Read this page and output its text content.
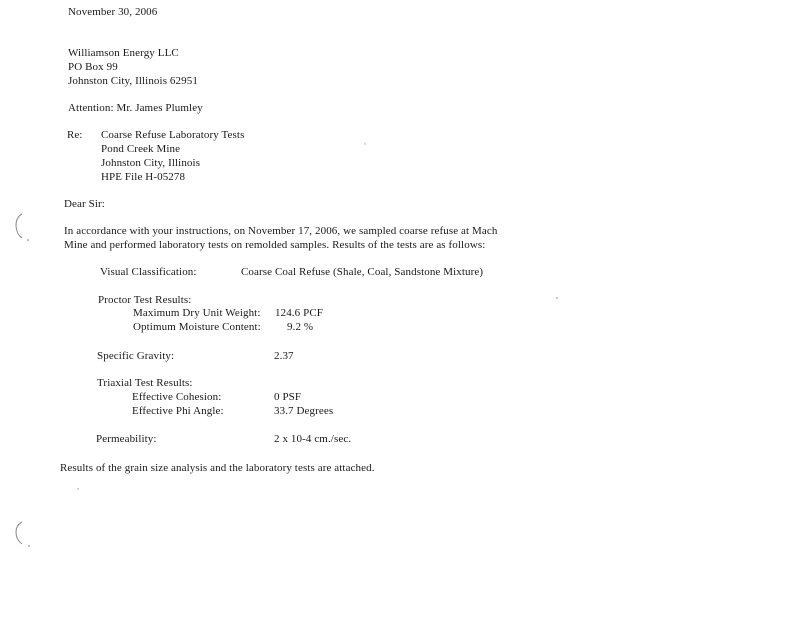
November 30, 2006
Williamson Energy LLC
PO Box 99
Johnston City, Illinois 62951
Attention: Mr. James Plumley
Re: Coarse Refuse Laboratory Tests
Pond Creek Mine
Johnston City, Illinois
HPE File H-05278
Dear Sir:
In accordance with your instructions, on November 17, 2006, we sampled coarse refuse at Mach
Mine and performed laboratory tests on remolded samples. Results of the tests are as follows:
Visual Classification:	Coarse Coal Refuse (Shale, Coal, Sandstone Mixture)
Proctor Test Results:
Maximum Dry Unit Weight: 124.6 PCF
Optimum Moisture Content: 9.2 %
Specific Gravity:	2.37
Triaxial Test Results:
Effective Cohesion:	0 PSF
Effective Phi Angle:	33.7 Degrees
Permeability:	2 x 10-4 cm./sec.
Results of the grain size analysis and the laboratory tests are attached.
